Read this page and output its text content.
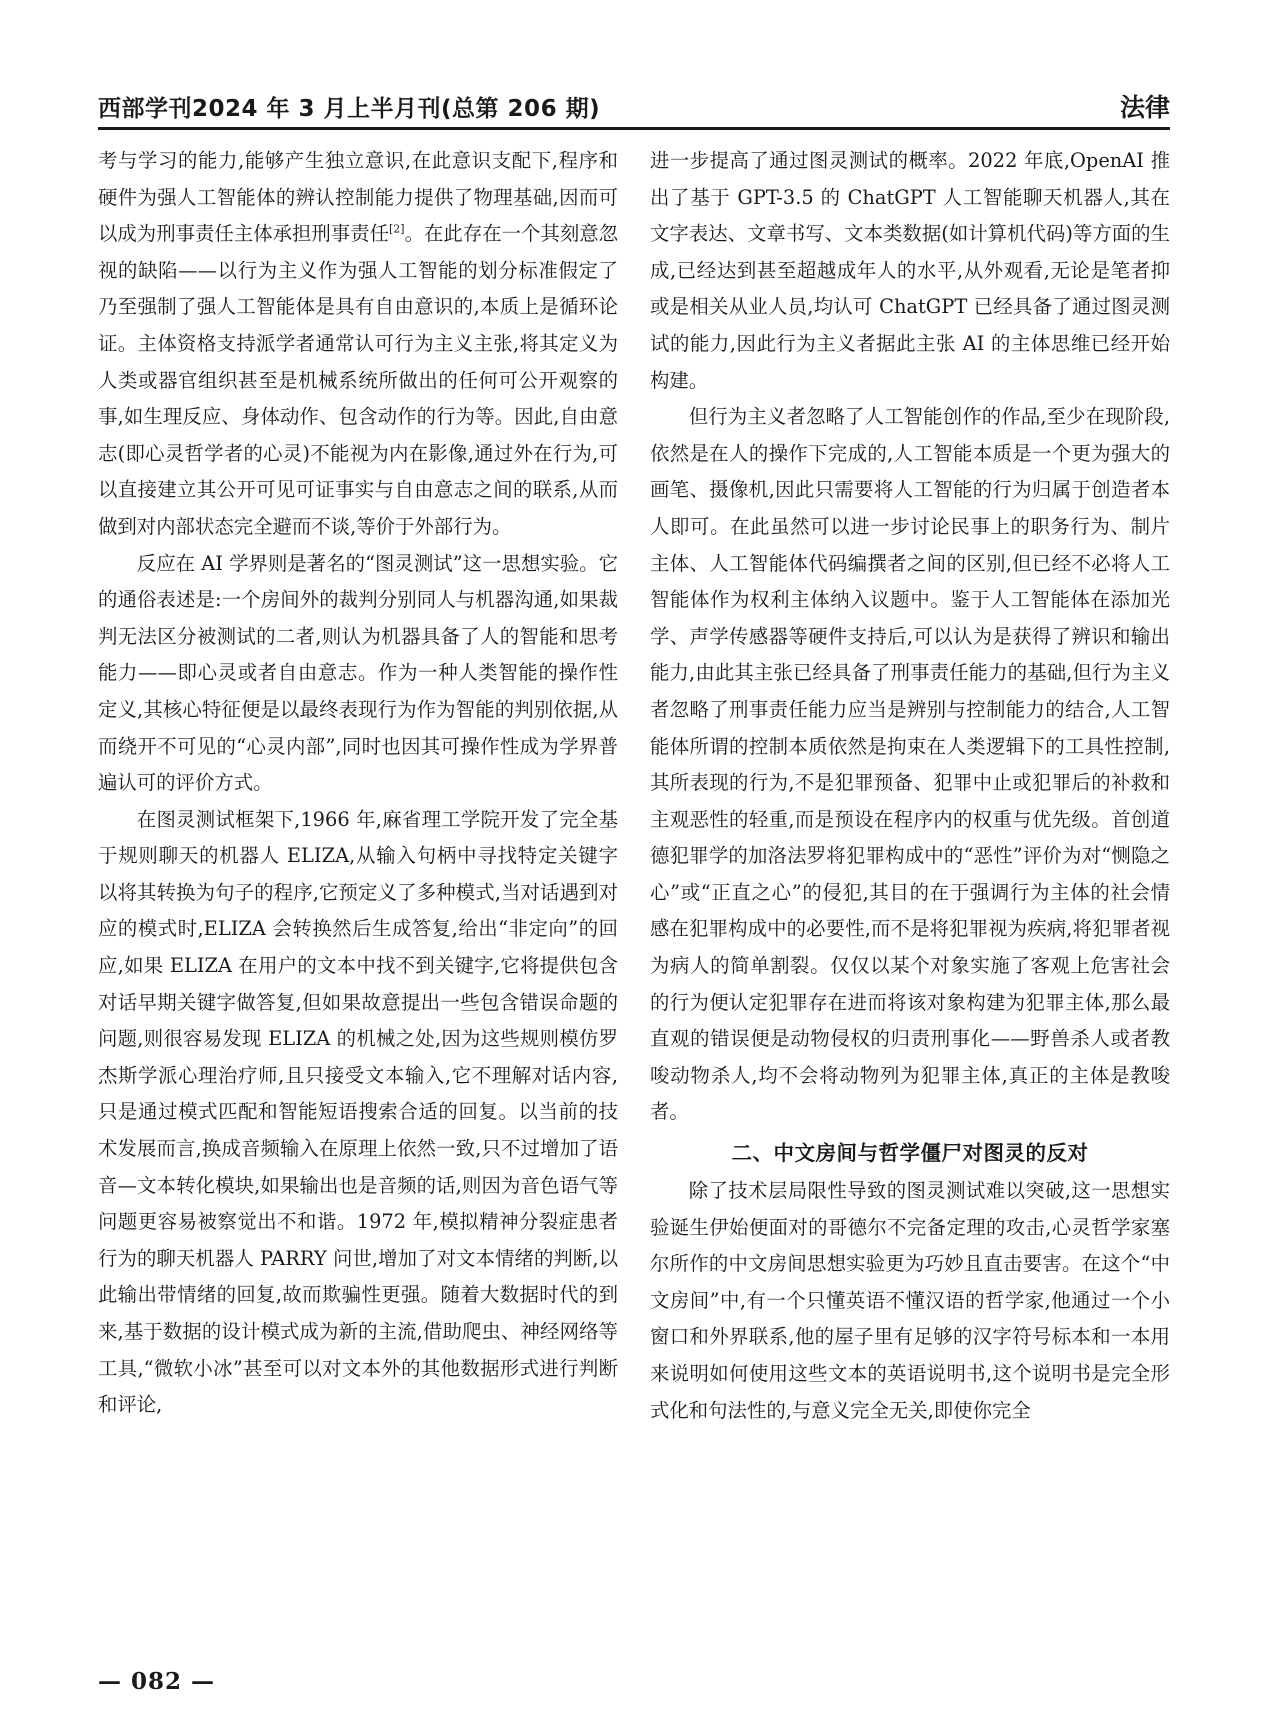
西部学刊2024 年 3 月上半月刊(总第 206 期)	法律

考与学习的能力,能够产生独立意识,在此意识支配下,程序和硬件为强人工智能体的辨认控制能力提供了物理基础,因而可以成为刑事责任主体承担刑事责任[2]。在此存在一个其刻意忽视的缺陷——以行为主义作为强人工智能的划分标准假定了乃至强制了强人工智能体是具有自由意识的,本质上是循环论证。主体资格支持派学者通常认可行为主义主张,将其定义为人类或器官组织甚至是机械系统所做出的任何可公开观察的事,如生理反应、身体动作、包含动作的行为等。因此,自由意志(即心灵哲学者的心灵)不能视为内在影像,通过外在行为,可以直接建立其公开可见可证事实与自由意志之间的联系,从而做到对内部状态完全避而不谈,等价于外部行为。

反应在 AI 学界则是著名的“图灵测试”这一思想实验。它的通俗表述是:一个房间外的裁判分别同人与机器沟通,如果裁判无法区分被测试的二者,则认为机器具备了人的智能和思考能力——即心灵或者自由意志。作为一种人类智能的操作性定义,其核心特征便是以最终表现行为作为智能的判别依据,从而绕开不可见的“心灵内部”,同时也因其可操作性成为学界普遍认可的评价方式。

在图灵测试框架下,1966 年,麻省理工学院开发了完全基于规则聊天的机器人 ELIZA,从输入句柄中寻找特定关键字以将其转换为句子的程序,它预定义了多种模式,当对话遇到对应的模式时,ELIZA 会转换然后生成答复,给出“非定向”的回应,如果 ELIZA 在用户的文本中找不到关键字,它将提供包含对话早期关键字做答复,但如果故意提出一些包含错误命题的问题,则很容易发现 ELIZA 的机械之处,因为这些规则模仿罗杰斯学派心理治疗师,且只接受文本输入,它不理解对话内容,只是通过模式匹配和智能短语搜索合适的回复。以当前的技术发展而言,换成音频输入在原理上依然一致,只不过增加了语音—文本转化模块,如果输出也是音频的话,则因为音色语气等问题更容易被察觉出不和谐。1972 年,模拟精神分裂症患者行为的聊天机器人 PARRY 问世,增加了对文本情绪的判断,以此输出带情绪的回复,故而欺骗性更强。随着大数据时代的到来,基于数据的设计模式成为新的主流,借助爬虫、神经网络等工具,“微软小冰”甚至可以对文本外的其他数据形式进行判断和评论,

进一步提高了通过图灵测试的概率。2022 年底,OpenAI 推出了基于 GPT-3.5 的 ChatGPT 人工智能聊天机器人,其在文字表达、文章书写、文本类数据(如计算机代码)等方面的生成,已经达到甚至超越成年人的水平,从外观看,无论是笔者抑或是相关从业人员,均认可 ChatGPT 已经具备了通过图灵测试的能力,因此行为主义者据此主张 AI 的主体思维已经开始构建。

但行为主义者忽略了人工智能创作的作品,至少在现阶段,依然是在人的操作下完成的,人工智能本质是一个更为强大的画笔、摄像机,因此只需要将人工智能的行为归属于创造者本人即可。在此虽然可以进一步讨论民事上的职务行为、制片主体、人工智能体代码编撰者之间的区别,但已经不必将人工智能体作为权利主体纳入议题中。鉴于人工智能体在添加光学、声学传感器等硬件支持后,可以认为是获得了辨识和输出能力,由此其主张已经具备了刑事责任能力的基础,但行为主义者忽略了刑事责任能力应当是辨别与控制能力的结合,人工智能体所谓的控制本质依然是拘束在人类逻辑下的工具性控制,其所表现的行为,不是犯罪预备、犯罪中止或犯罪后的补救和主观恶性的轻重,而是预设在程序内的权重与优先级。首创道德犯罪学的加洛法罗将犯罪构成中的“恶性”评价为对“恻隐之心”或“正直之心”的侵犯,其目的在于强调行为主体的社会情感在犯罪构成中的必要性,而不是将犯罪视为疾病,将犯罪者视为病人的简单割裂。仅仅以某个对象实施了客观上危害社会的行为便认定犯罪存在进而将该对象构建为犯罪主体,那么最直观的错误便是动物侵权的归责刑事化——野兽杀人或者教唆动物杀人,均不会将动物列为犯罪主体,真正的主体是教唆者。

二、中文房间与哲学僵尸对图灵的反对

除了技术层局限性导致的图灵测试难以突破,这一思想实验诞生伊始便面对的哥德尔不完备定理的攻击,心灵哲学家塞尔所作的中文房间思想实验更为巧妙且直击要害。在这个“中文房间”中,有一个只懂英语不懂汉语的哲学家,他通过一个小窗口和外界联系,他的屋子里有足够的汉字符号标本和一本用来说明如何使用这些文本的英语说明书,这个说明书是完全形式化和句法性的,与意义完全无关,即使你完全

— 082 —
